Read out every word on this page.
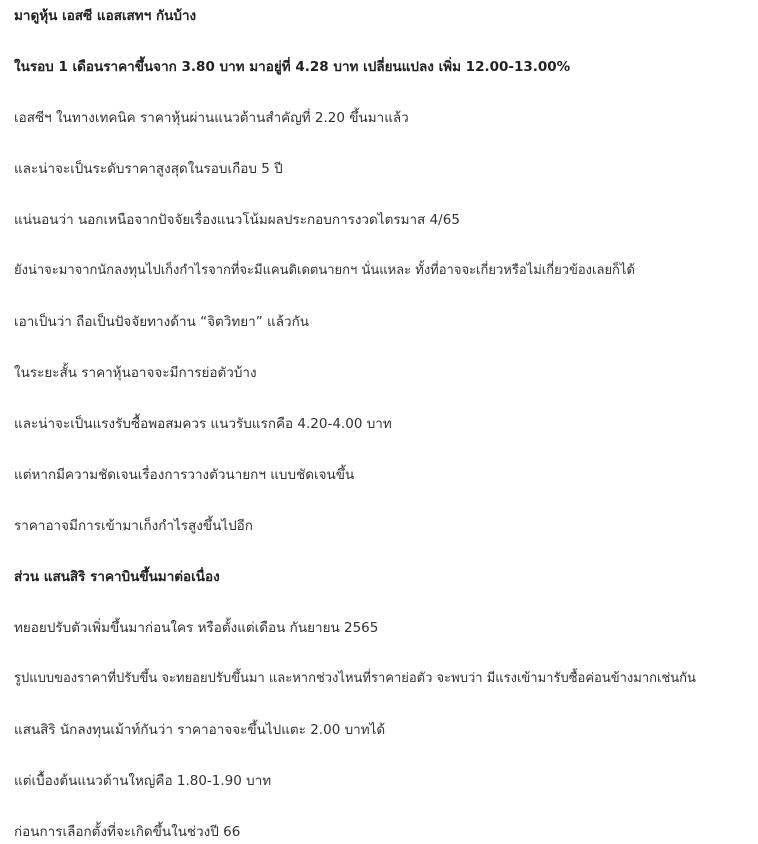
มาดูหุ้น เอสซี แอสเสทฯ กันบ้าง
ในรอบ 1 เดือนราคาขึ้นจาก 3.80 บาท มาอยู่ที่ 4.28 บาท เปลี่ยนแปลง เพิ่ม 12.00-13.00%
เอสซีฯ ในทางเทคนิค ราคาหุ้นผ่านแนวต้านสำคัญที่ 2.20 ขึ้นมาแล้ว
และน่าจะเป็นระดับราคาสูงสุดในรอบเกือบ 5 ปี
แน่นอนว่า นอกเหนือจากปัจจัยเรื่องแนวโน้มผลประกอบการงวดไตรมาส 4/65
ยังน่าจะมาจากนักลงทุนไปเก็งกำไรจากที่จะมีแคนดิเดตนายกฯ นั่นแหละ ทั้งที่อาจจะเกี่ยวหรือไม่เกี่ยวข้องเลยก็ได้
เอาเป็นว่า ถือเป็นปัจจัยทางด้าน “จิตวิทยา” แล้วกัน
ในระยะสั้น ราคาหุ้นอาจจะมีการย่อตัวบ้าง
และน่าจะเป็นแรงรับซื้อพอสมควร แนวรับแรกคือ 4.20-4.00 บาท
แต่หากมีความชัดเจนเรื่องการวางตัวนายกฯ แบบชัดเจนขึ้น
ราคาอาจมีการเข้ามาเก็งกำไรสูงขึ้นไปอีก
ส่วน แสนสิริ ราคาบินขึ้นมาต่อเนื่อง
ทยอยปรับตัวเพิ่มขึ้นมาก่อนใคร หรือตั้งแต่เดือน กันยายน 2565
รูปแบบของราคาที่ปรับขึ้น จะทยอยปรับขึ้นมา และหากช่วงไหนที่ราคาย่อตัว จะพบว่า มีแรงเข้ามารับซื้อค่อนข้างมากเช่นกัน
แสนสิริ นักลงทุนเม้าท์กันว่า ราคาอาจจะขึ้นไปแตะ 2.00 บาทได้
แต่เบื้องต้นแนวต้านใหญ่คือ 1.80-1.90 บาท
ก่อนการเลือกตั้งที่จะเกิดขึ้นในช่วงปี 66
